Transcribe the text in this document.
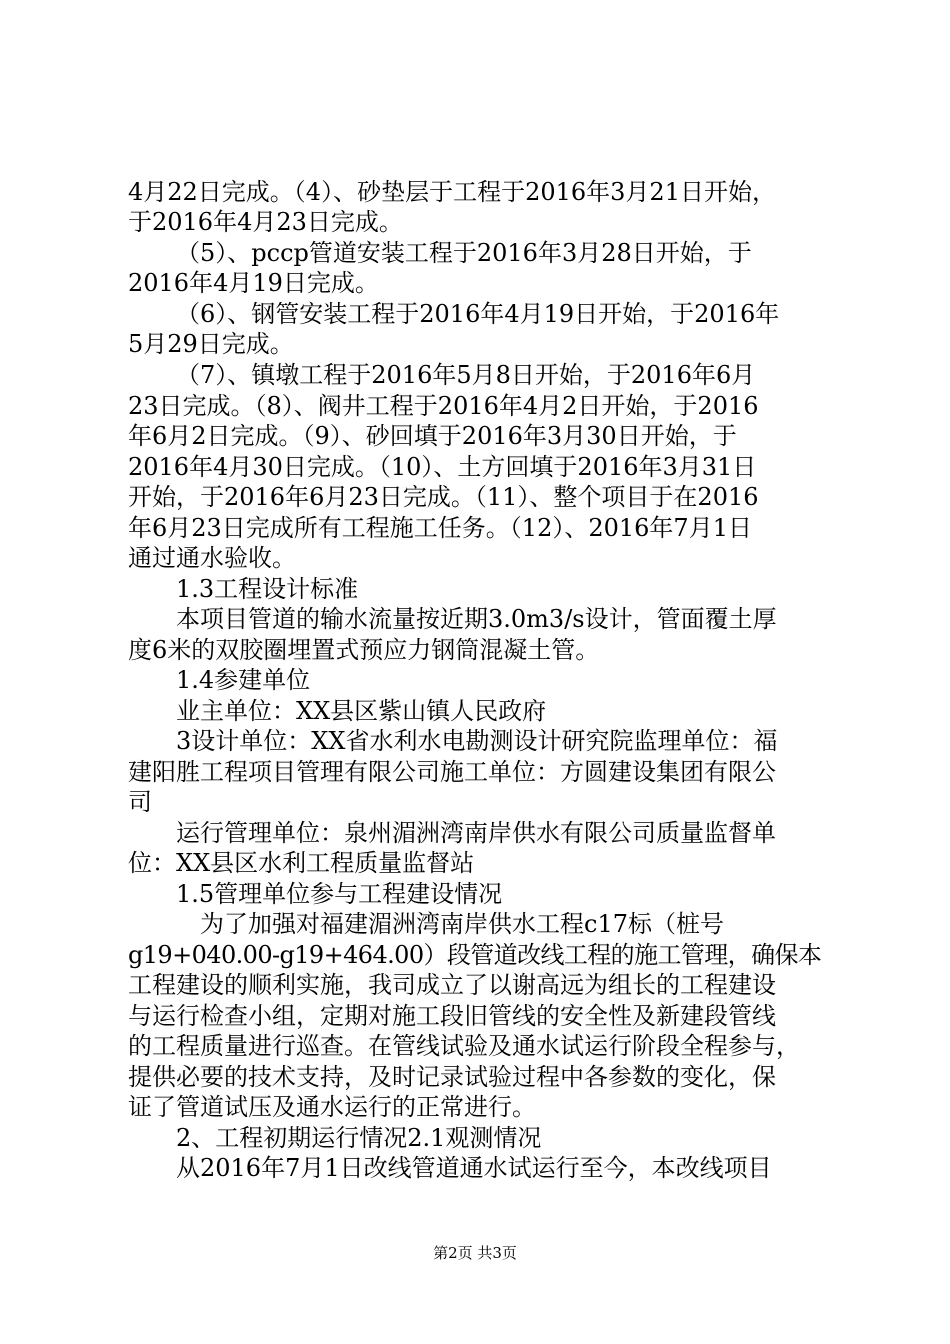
4月22日完成。（4）、砂垫层于工程于2016年3月21日开始，
于2016年4月23日完成。
（5）、pccp管道安装工程于2016年3月28日开始，于
2016年4月19日完成。
（6）、钢管安装工程于2016年4月19日开始，于2016年
5月29日完成。
（7）、镇墩工程于2016年5月8日开始，于2016年6月
23日完成。（8）、阀井工程于2016年4月2日开始，于2016
年6月2日完成。（9）、砂回填于2016年3月30日开始，于
2016年4月30日完成。（10）、土方回填于2016年3月31日
开始，于2016年6月23日完成。（11）、整个项目于在2016
年6月23日完成所有工程施工任务。（12）、2016年7月1日
通过通水验收。
1.3工程设计标准
本项目管道的输水流量按近期3.0m3/s设计，管面覆土厚
度6米的双胶圈埋置式预应力钢筒混凝土管。
1.4参建单位
业主单位：XX县区紫山镇人民政府
3设计单位：XX省水利水电勘测设计研究院监理单位：福
建阳胜工程项目管理有限公司施工单位：方圆建设集团有限公
司
运行管理单位：泉州湄洲湾南岸供水有限公司质量监督单
位：XX县区水利工程质量监督站
1.5管理单位参与工程建设情况
为了加强对福建湄洲湾南岸供水工程c17标（桩号
g19+040.00-g19+464.00）段管道改线工程的施工管理，确保本
工程建设的顺利实施，我司成立了以谢高远为组长的工程建设
与运行检查小组，定期对施工段旧管线的安全性及新建段管线
的工程质量进行巡查。在管线试验及通水试运行阶段全程参与，
提供必要的技术支持，及时记录试验过程中各参数的变化，保
证了管道试压及通水运行的正常进行。
2、工程初期运行情况2.1观测情况
从2016年7月1日改线管道通水试运行至今，本改线项目
第2页 共3页
